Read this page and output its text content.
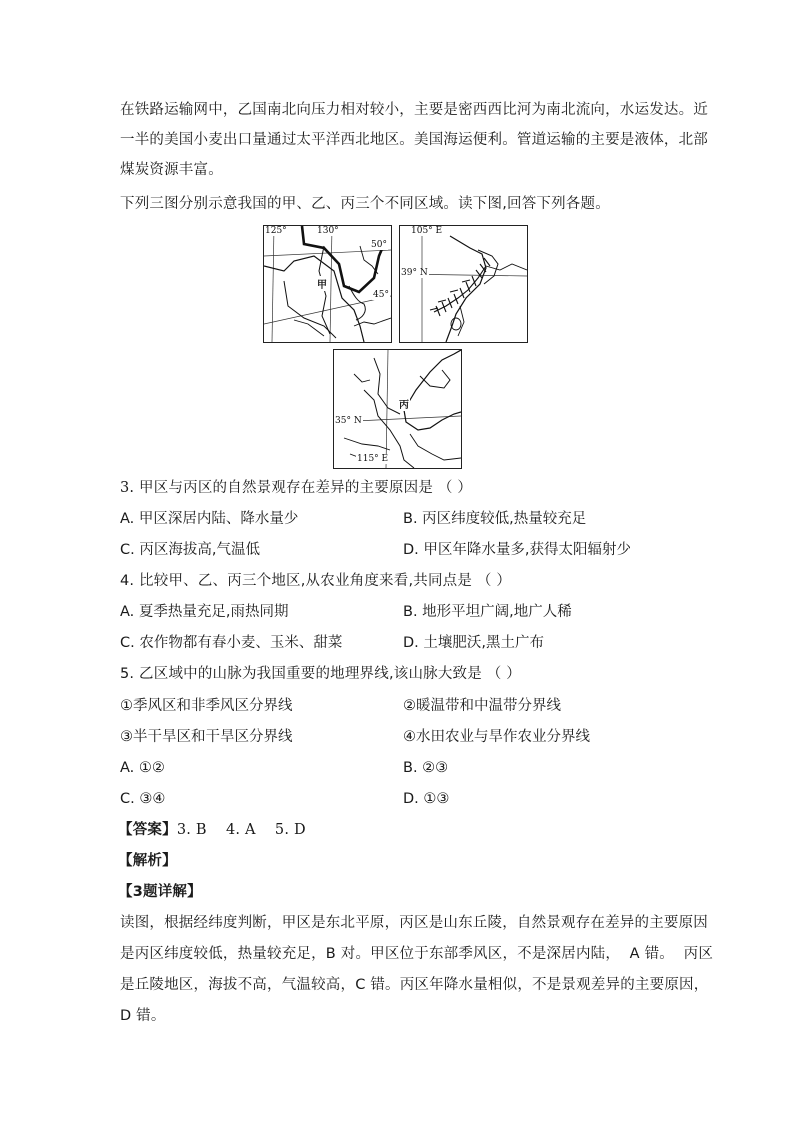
在铁路运输网中，乙国南北向压力相对较小，主要是密西西比河为南北流向，水运发达。近
一半的美国小麦出口量通过太平洋西北地区。美国海运便利。管道运输的主要是液体，北部
煤炭资源丰富。
下列三图分别示意我国的甲、乙、丙三个不同区域。读下图,回答下列各题。
125°	130°
50°
45°
甲
105° E
39° N
丙
35° N
115° E
3. 甲区与丙区的自然景观存在差异的主要原因是 （ ）
A. 甲区深居内陆、降水量少	B. 丙区纬度较低,热量较充足
C. 丙区海拔高,气温低	D. 甲区年降水量多,获得太阳辐射少
4. 比较甲、乙、丙三个地区,从农业角度来看,共同点是 （ ）
A. 夏季热量充足,雨热同期	B. 地形平坦广阔,地广人稀
C. 农作物都有春小麦、玉米、甜菜	D. 土壤肥沃,黑土广布
5. 乙区域中的山脉为我国重要的地理界线,该山脉大致是 （ ）
①季风区和非季风区分界线	②暖温带和中温带分界线
③半干旱区和干旱区分界线	④水田农业与旱作农业分界线
A. ①②	B. ②③
C. ③④	D. ①③
【答案】3. B    4. A    5. D
【解析】
【3题详解】
读图，根据经纬度判断，甲区是东北平原，丙区是山东丘陵，自然景观存在差异的主要原因
是丙区纬度较低，热量较充足，B 对。甲区位于东部季风区，不是深居内陆，  A 错。  丙区
是丘陵地区，海拔不高，气温较高，C 错。丙区年降水量相似，不是景观差异的主要原因，
D 错。
